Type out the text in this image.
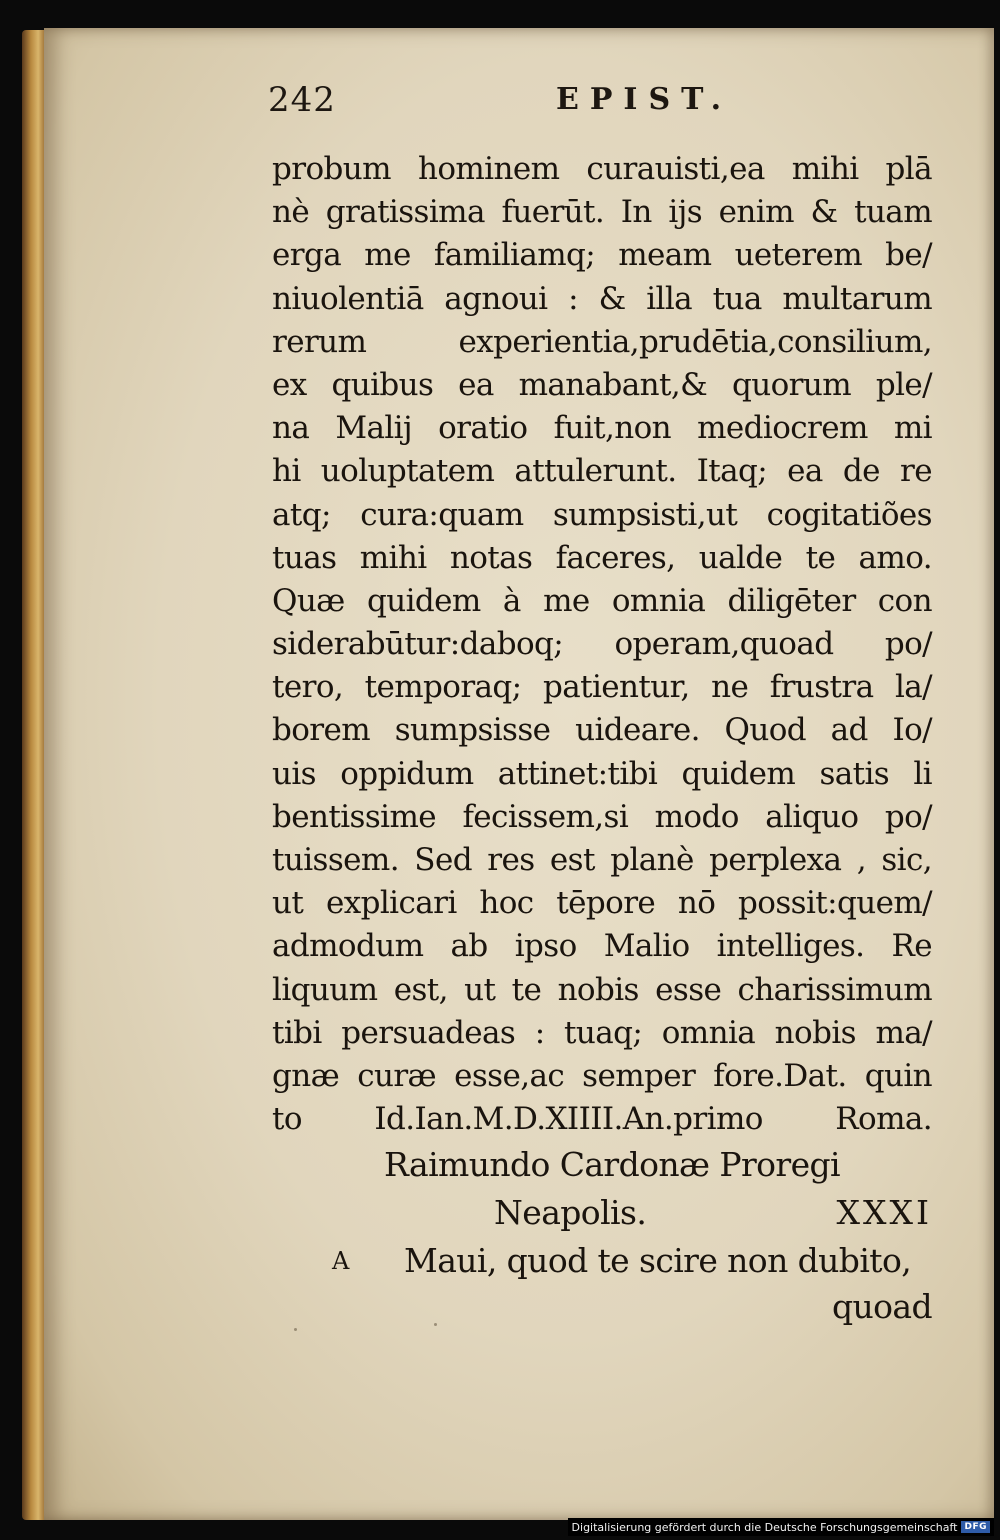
242	EPIST.
probum hominem curauisti,ea mihi plā
nè gratissima fuerūt. In ijs enim & tuam
erga me familiamq; meam ueterem be/
niuolentiā agnoui : & illa tua multarum
rerum experientia,prudētia,consilium,
ex quibus ea manabant,& quorum ple/
na Malij oratio fuit,non mediocrem mi
hi uoluptatem attulerunt. Itaq; ea de re
atq; cura:quam sumpsisti,ut cogitatiões
tuas mihi notas faceres, ualde te amo.
Quæ quidem à me omnia diligēter con
siderabūtur:daboq; operam,quoad po/
tero, temporaq; patientur, ne frustra la/
borem sumpsisse uideare. Quod ad Io/
uis oppidum attinet:tibi quidem satis li
bentissime fecissem,si modo aliquo po/
tuissem. Sed res est planè perplexa , sic,
ut explicari hoc tēpore nō possit:quem/
admodum ab ipso Malio intelliges. Re
liquum est, ut te nobis esse charissimum
tibi persuadeas : tuaq; omnia nobis ma/
gnæ curæ esse,ac semper fore.Dat. quin
to Id.Ian.M.D.XIIII.An.primo Roma.
Raimundo Cardonæ Proregi
Neapolis.	XXXI
A Maui, quod te scire non dubito,
quoad
Digitalisierung gefördert durch die Deutsche Forschungsgemeinschaft DFG
